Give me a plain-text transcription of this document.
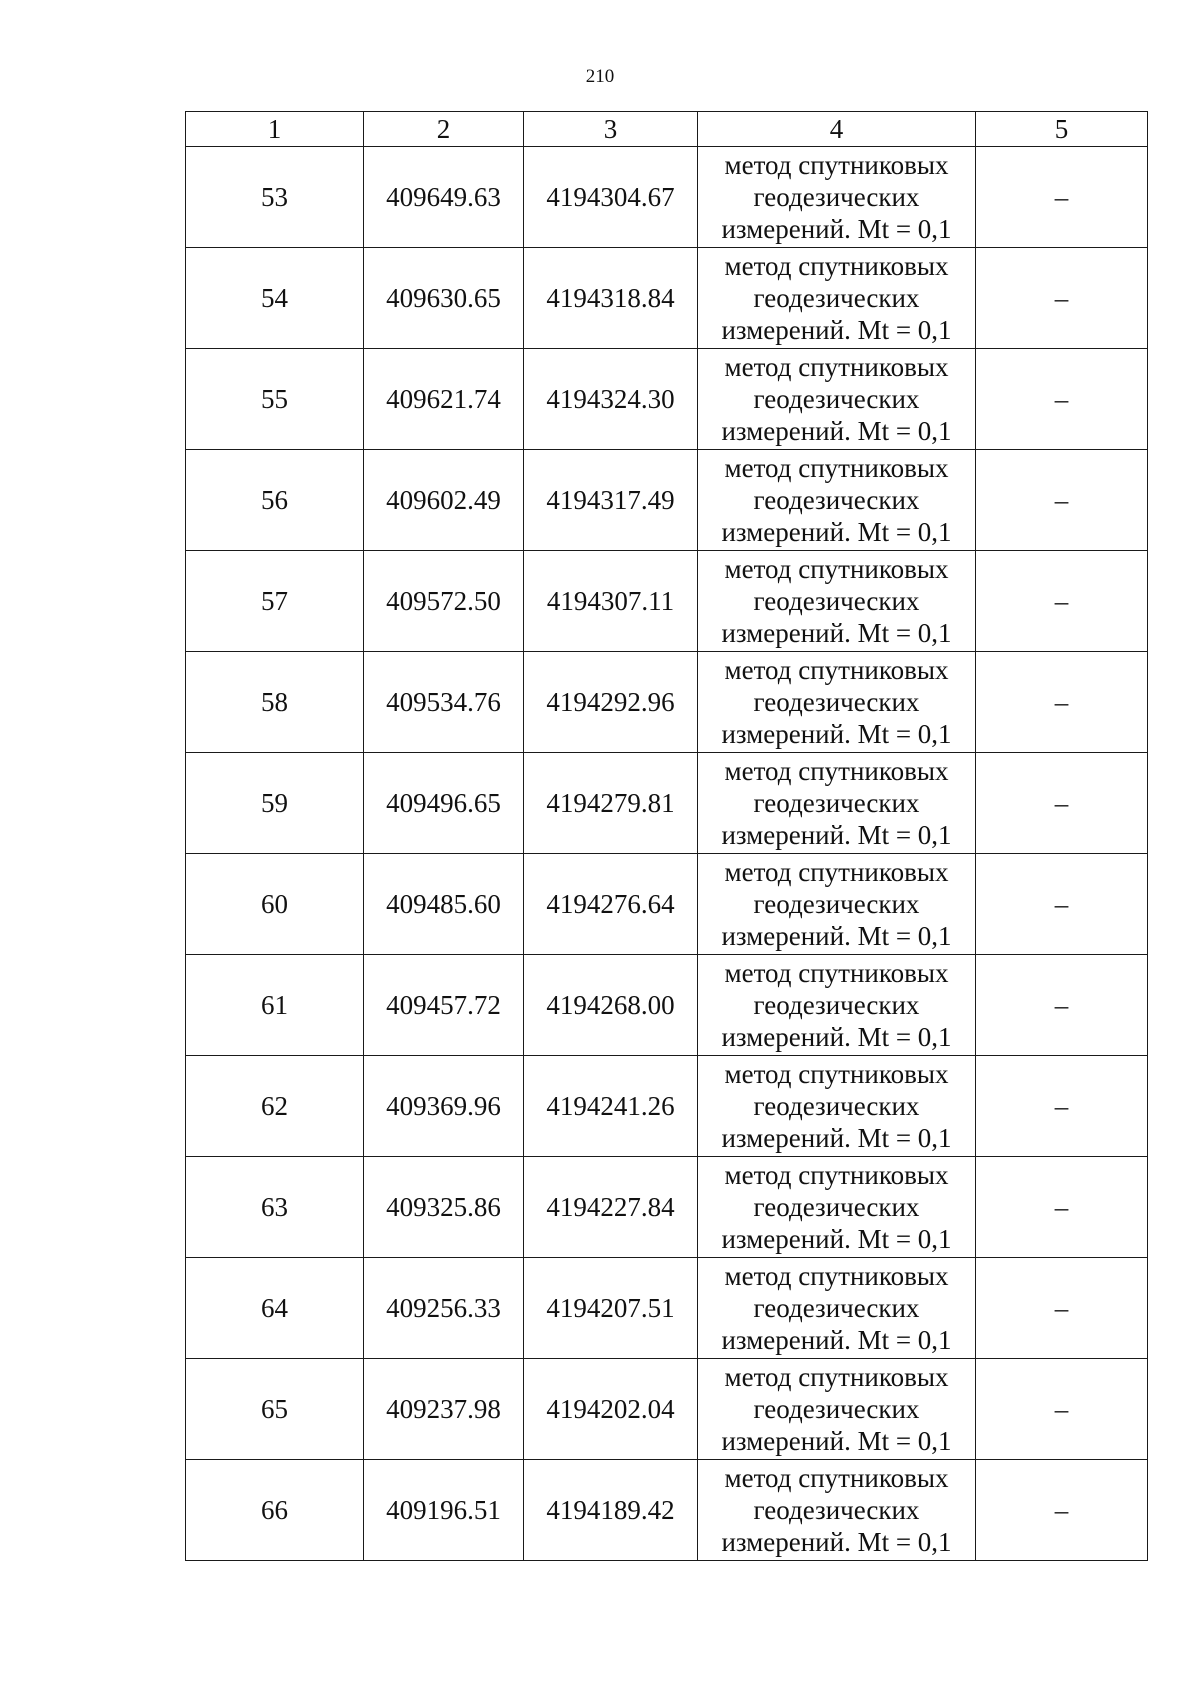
210
1	2	3	4	5
53	409649.63	4194304.67	метод спутниковых
геодезических
измерений. Mt = 0,1	–
54	409630.65	4194318.84	метод спутниковых
геодезических
измерений. Mt = 0,1	–
55	409621.74	4194324.30	метод спутниковых
геодезических
измерений. Mt = 0,1	–
56	409602.49	4194317.49	метод спутниковых
геодезических
измерений. Mt = 0,1	–
57	409572.50	4194307.11	метод спутниковых
геодезических
измерений. Mt = 0,1	–
58	409534.76	4194292.96	метод спутниковых
геодезических
измерений. Mt = 0,1	–
59	409496.65	4194279.81	метод спутниковых
геодезических
измерений. Mt = 0,1	–
60	409485.60	4194276.64	метод спутниковых
геодезических
измерений. Mt = 0,1	–
61	409457.72	4194268.00	метод спутниковых
геодезических
измерений. Mt = 0,1	–
62	409369.96	4194241.26	метод спутниковых
геодезических
измерений. Mt = 0,1	–
63	409325.86	4194227.84	метод спутниковых
геодезических
измерений. Mt = 0,1	–
64	409256.33	4194207.51	метод спутниковых
геодезических
измерений. Mt = 0,1	–
65	409237.98	4194202.04	метод спутниковых
геодезических
измерений. Mt = 0,1	–
66	409196.51	4194189.42	метод спутниковых
геодезических
измерений. Mt = 0,1	–
